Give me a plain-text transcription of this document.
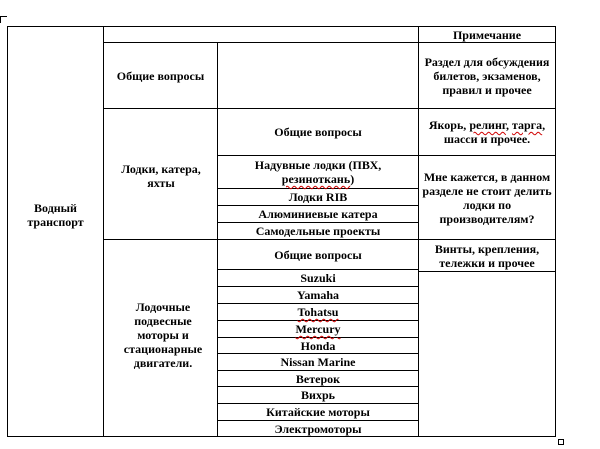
Примечание
Водный транспорт
Общие вопросы
Раздел для обсуждения билетов, экзаменов, правил и прочее
Лодки, катера, яхты
Общие вопросы	Якорь, релинг, тарга, шасси и прочее.
Надувные лодки (ПВХ,
резиноткань)
Лодки RIB
Алюминиевые катера
Самодельные проекты
Мне кажется, в данном разделе не стоит делить лодки по производителям?
Лодочные подвесные моторы и стационарные двигатели.
Общие вопросы	Винты, крепления, тележки и прочее
Suzuki
Yamaha
Tohatsu
Mercury
Honda
Nissan Marine
Ветерок
Вихрь
Китайские моторы
Электромоторы
